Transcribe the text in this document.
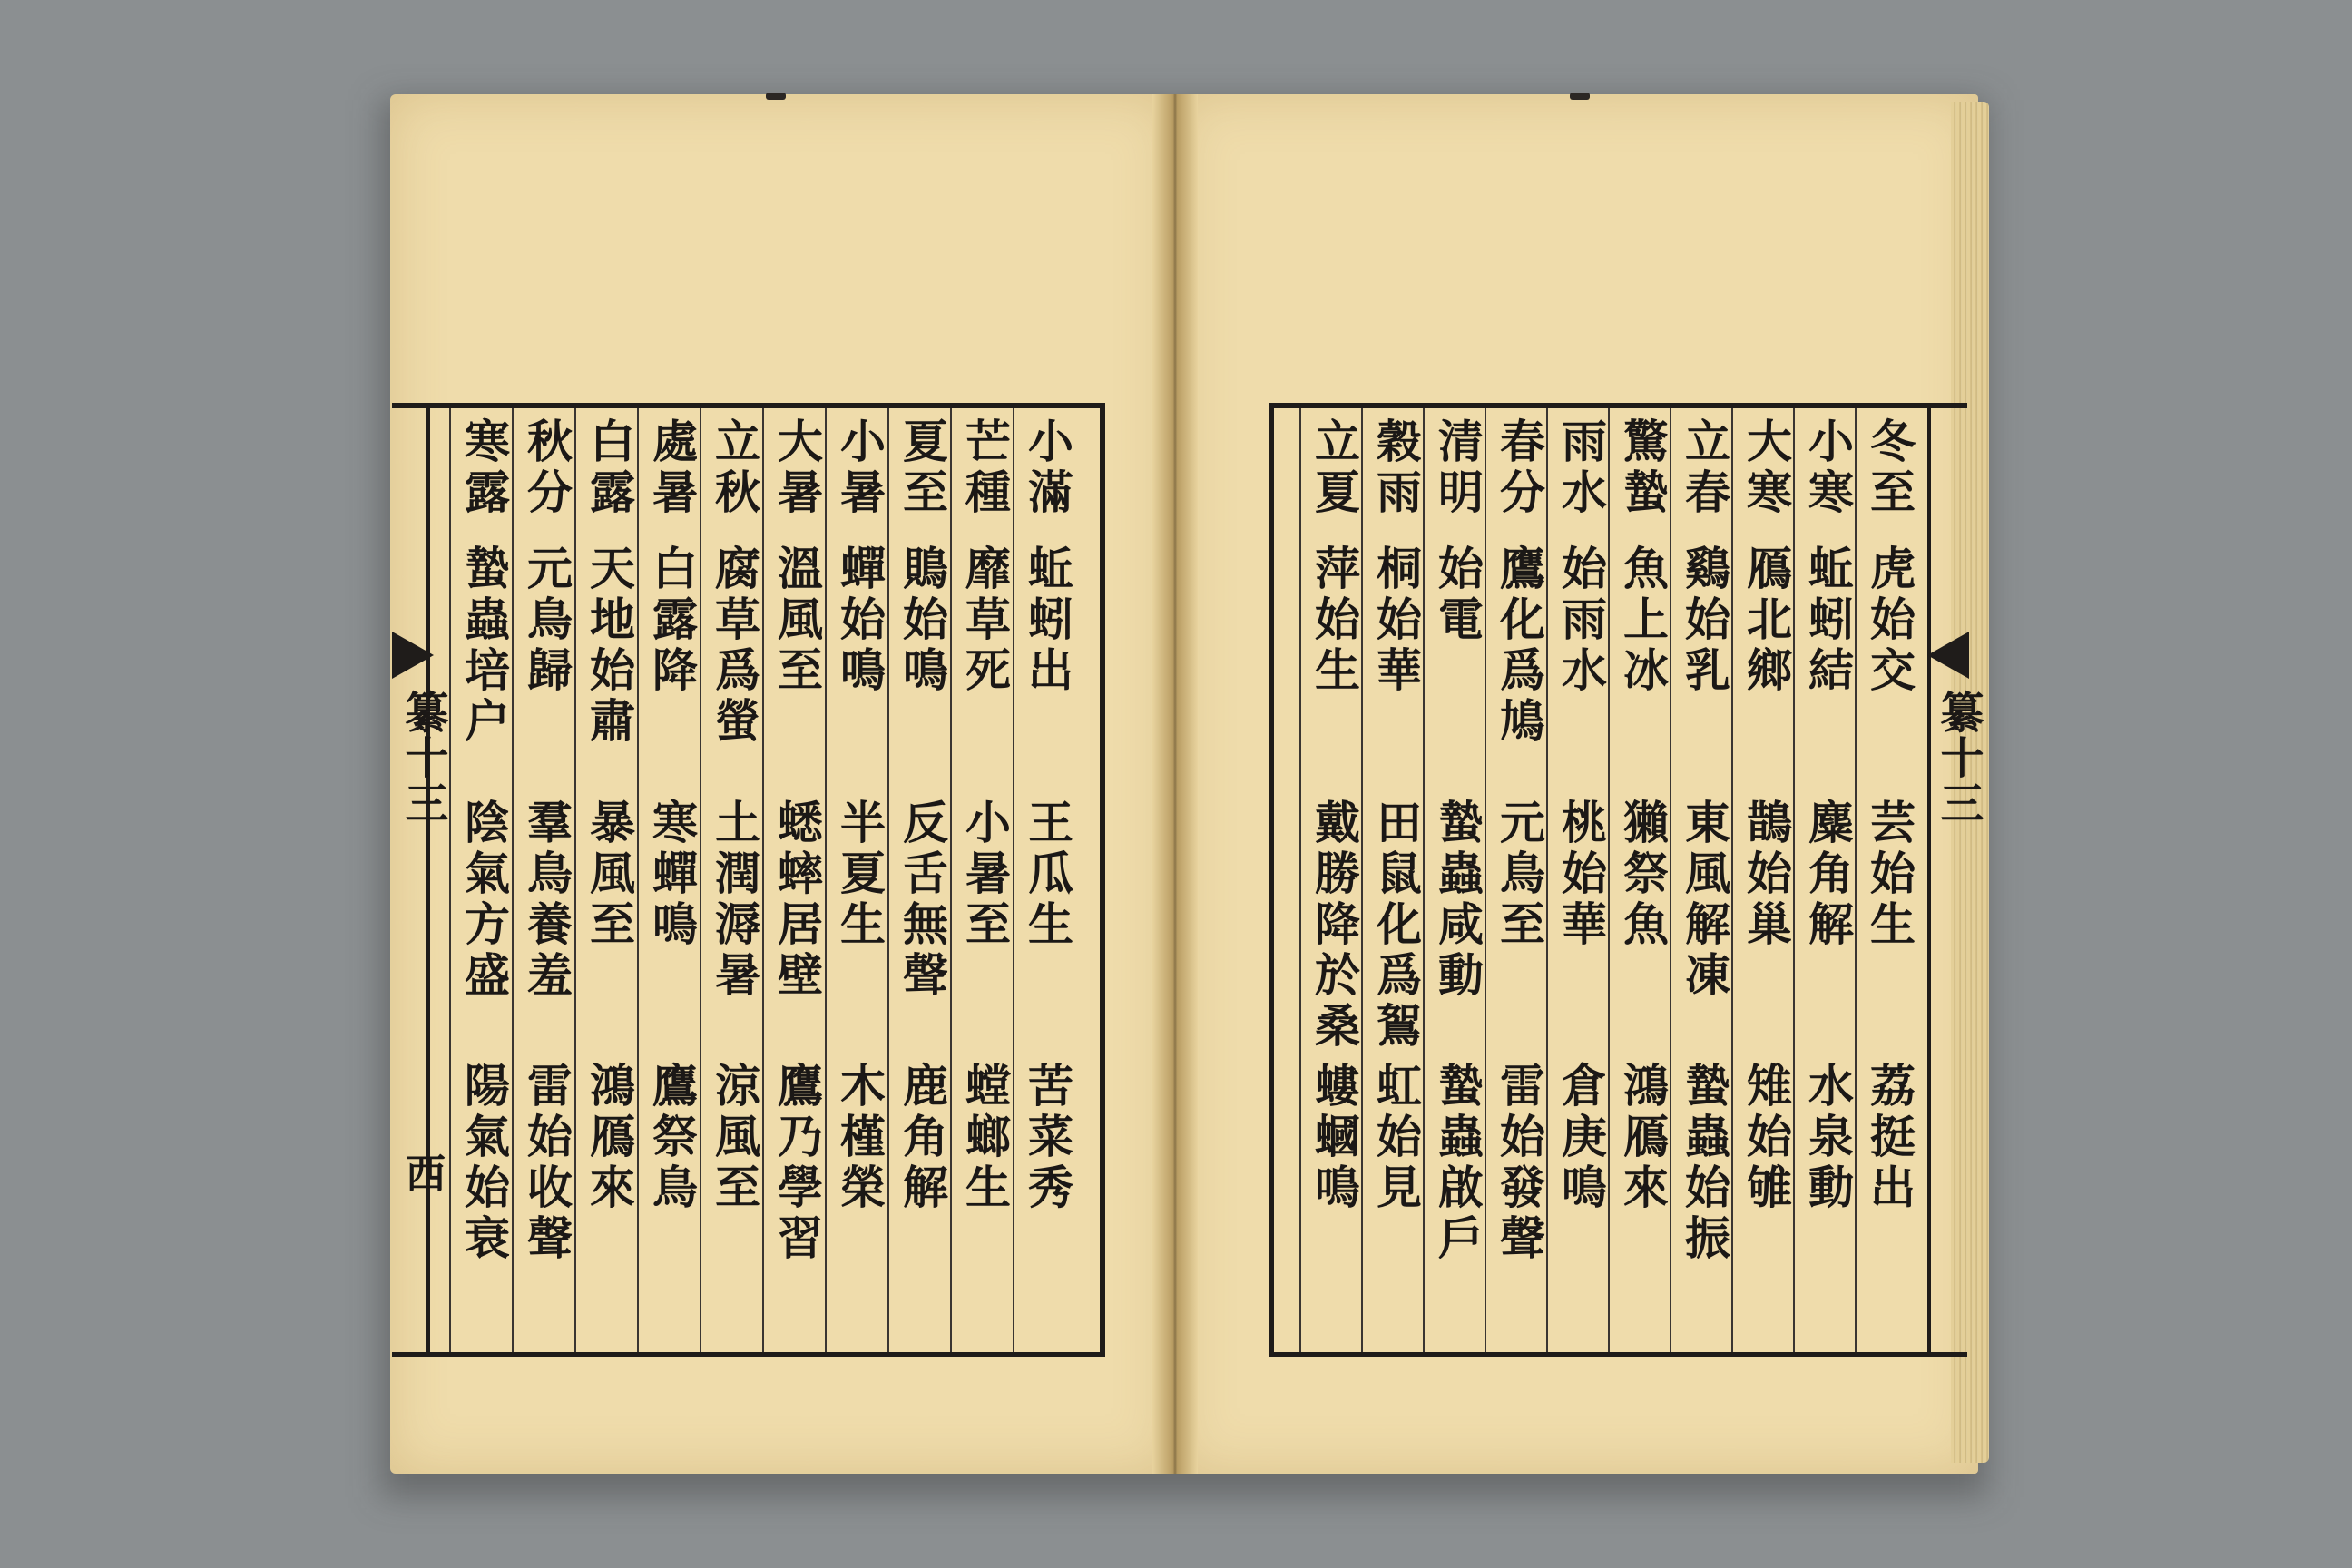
纂十三
西
纂十三
小滿
蚯蚓出
王瓜生
苦菜秀
芒種
靡草死
小暑至
螳螂生
夏至
鵙始鳴
反舌無聲
鹿角解
小暑
蟬始鳴
半夏生
木槿榮
大暑
溫風至
蟋蟀居壁
鷹乃學習
立秋
腐草爲螢
土潤溽暑
涼風至
處暑
白露降
寒蟬鳴
鷹祭鳥
白露
天地始肅
暴風至
鴻鴈來
秋分
元鳥歸
羣鳥養羞
雷始收聲
寒露
蟄蟲培户
陰氣方盛
陽氣始衰
冬至
虎始交
芸始生
荔挺出
小寒
蚯蚓結
麋角解
水泉動
大寒
鴈北鄉
鵲始巢
雉始雊
立春
鷄始乳
東風解凍
蟄蟲始振
驚蟄
魚上冰
獺祭魚
鴻鴈來
雨水
始雨水
桃始華
倉庚鳴
春分
鷹化爲鳩
元鳥至
雷始發聲
清明
始電
蟄蟲咸動
蟄蟲啟戶
穀雨
桐始華
田鼠化爲鴽
虹始見
立夏
萍始生
戴勝降於桑
螻蟈鳴
